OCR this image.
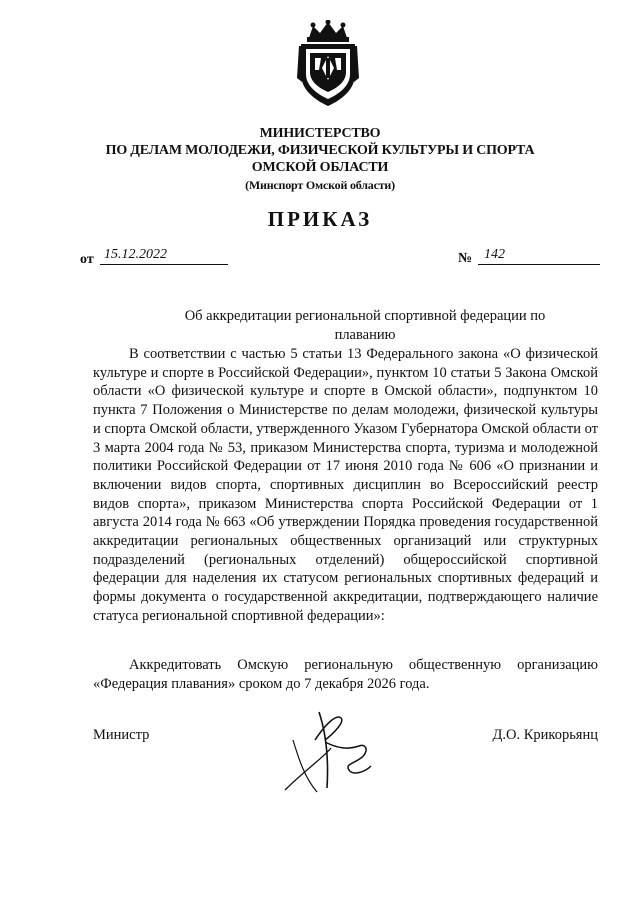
МИНИСТЕРСТВО
ПО ДЕЛАМ МОЛОДЕЖИ, ФИЗИЧЕСКОЙ КУЛЬТУРЫ И СПОРТА
ОМСКОЙ ОБЛАСТИ
(Минспорт Омской области)
ПРИКАЗ
от 15.12.2022	№ 142
Об аккредитации региональной спортивной федерации по плаванию

В соответствии с частью 5 статьи 13 Федерального закона «О физической культуре и спорте в Российской Федерации», пунктом 10 статьи 5 Закона Омской области «О физической культуре и спорте в Омской области», подпунктом 10 пункта 7 Положения о Министерстве по делам молодежи, физической культуры и спорта Омской области, утвержденного Указом Губернатора Омской области от 3 марта 2004 года № 53, приказом Министерства спорта, туризма и молодежной политики Российской Федерации от 17 июня 2010 года № 606 «О признании и включении видов спорта, спортивных дисциплин во Всероссийский реестр видов спорта», приказом Министерства спорта Российской Федерации от 1 августа 2014 года № 663 «Об утверждении Порядка проведения государственной аккредитации региональных общественных организаций или структурных подразделений (региональных отделений) общероссийской спортивной федерации для наделения их статусом региональных спортивных федераций и формы документа о государственной аккредитации, подтверждающего наличие статуса региональной спортивной федерации»:

Аккредитовать Омскую региональную общественную организацию «Федерация плавания» сроком до 7 декабря 2026 года.

Министр	Д.О. Крикорьянц
